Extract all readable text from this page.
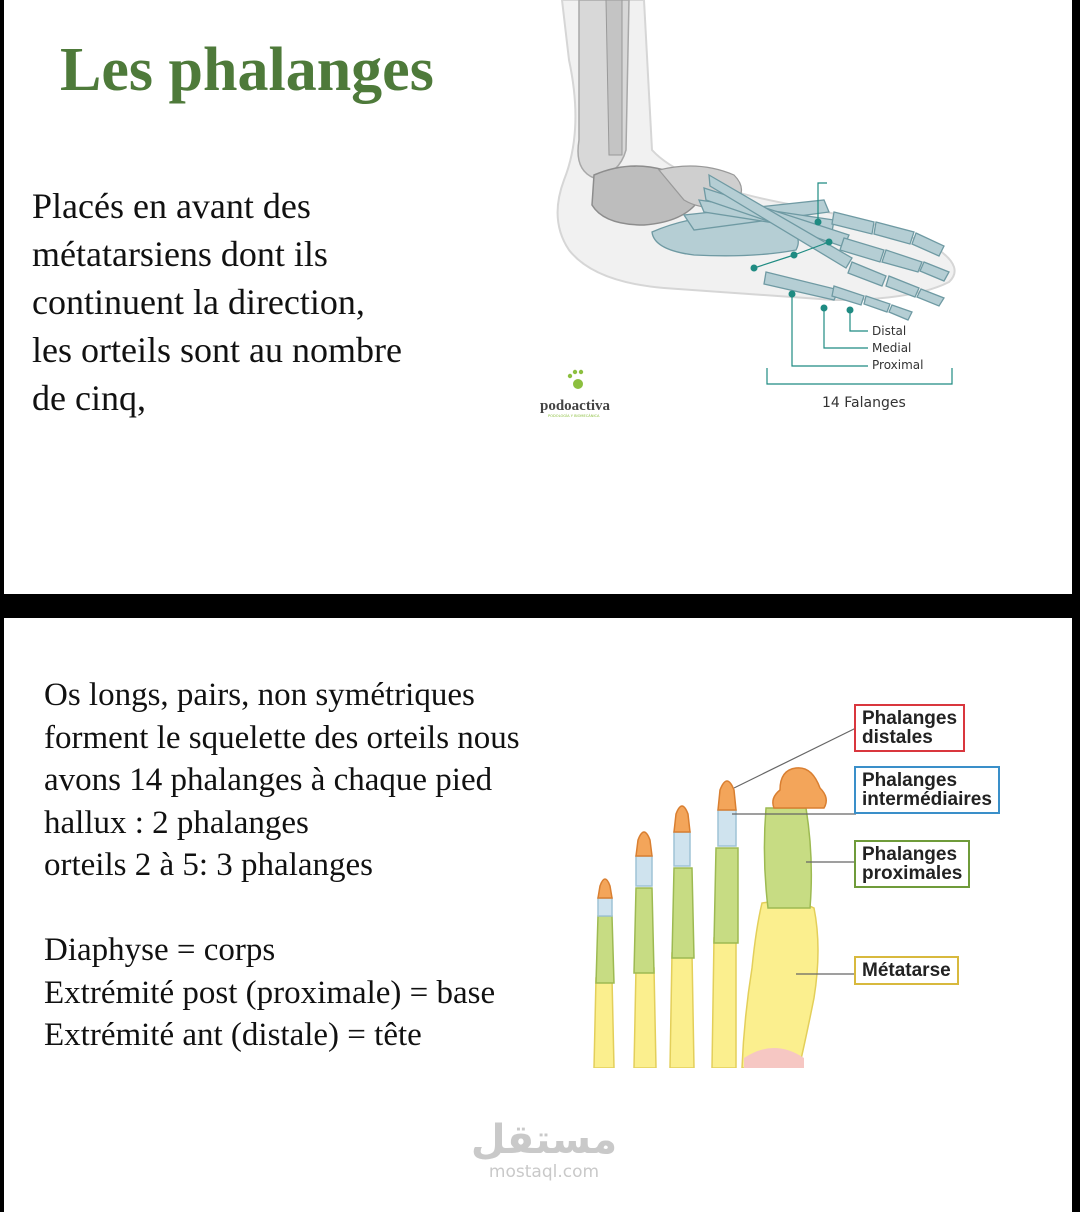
Les phalanges
Placés en avant des
métatarsiens dont ils
continuent la direction,
les orteils sont au nombre
de cinq,
Distal
Medial
Proximal
14 Falanges
podoactiva
PODOLOGÍA Y BIOMECÁNICA
Os longs, pairs, non symétriques
forment le squelette des orteils nous
avons 14 phalanges à chaque pied
hallux : 2 phalanges
orteils 2 à 5: 3 phalanges
Diaphyse = corps
Extrémité post (proximale) = base
Extrémité ant (distale) = tête
Phalanges
distales
Phalanges
intermédiaires
Phalanges
proximales
Métatarse
مستقل
mostaql.com
